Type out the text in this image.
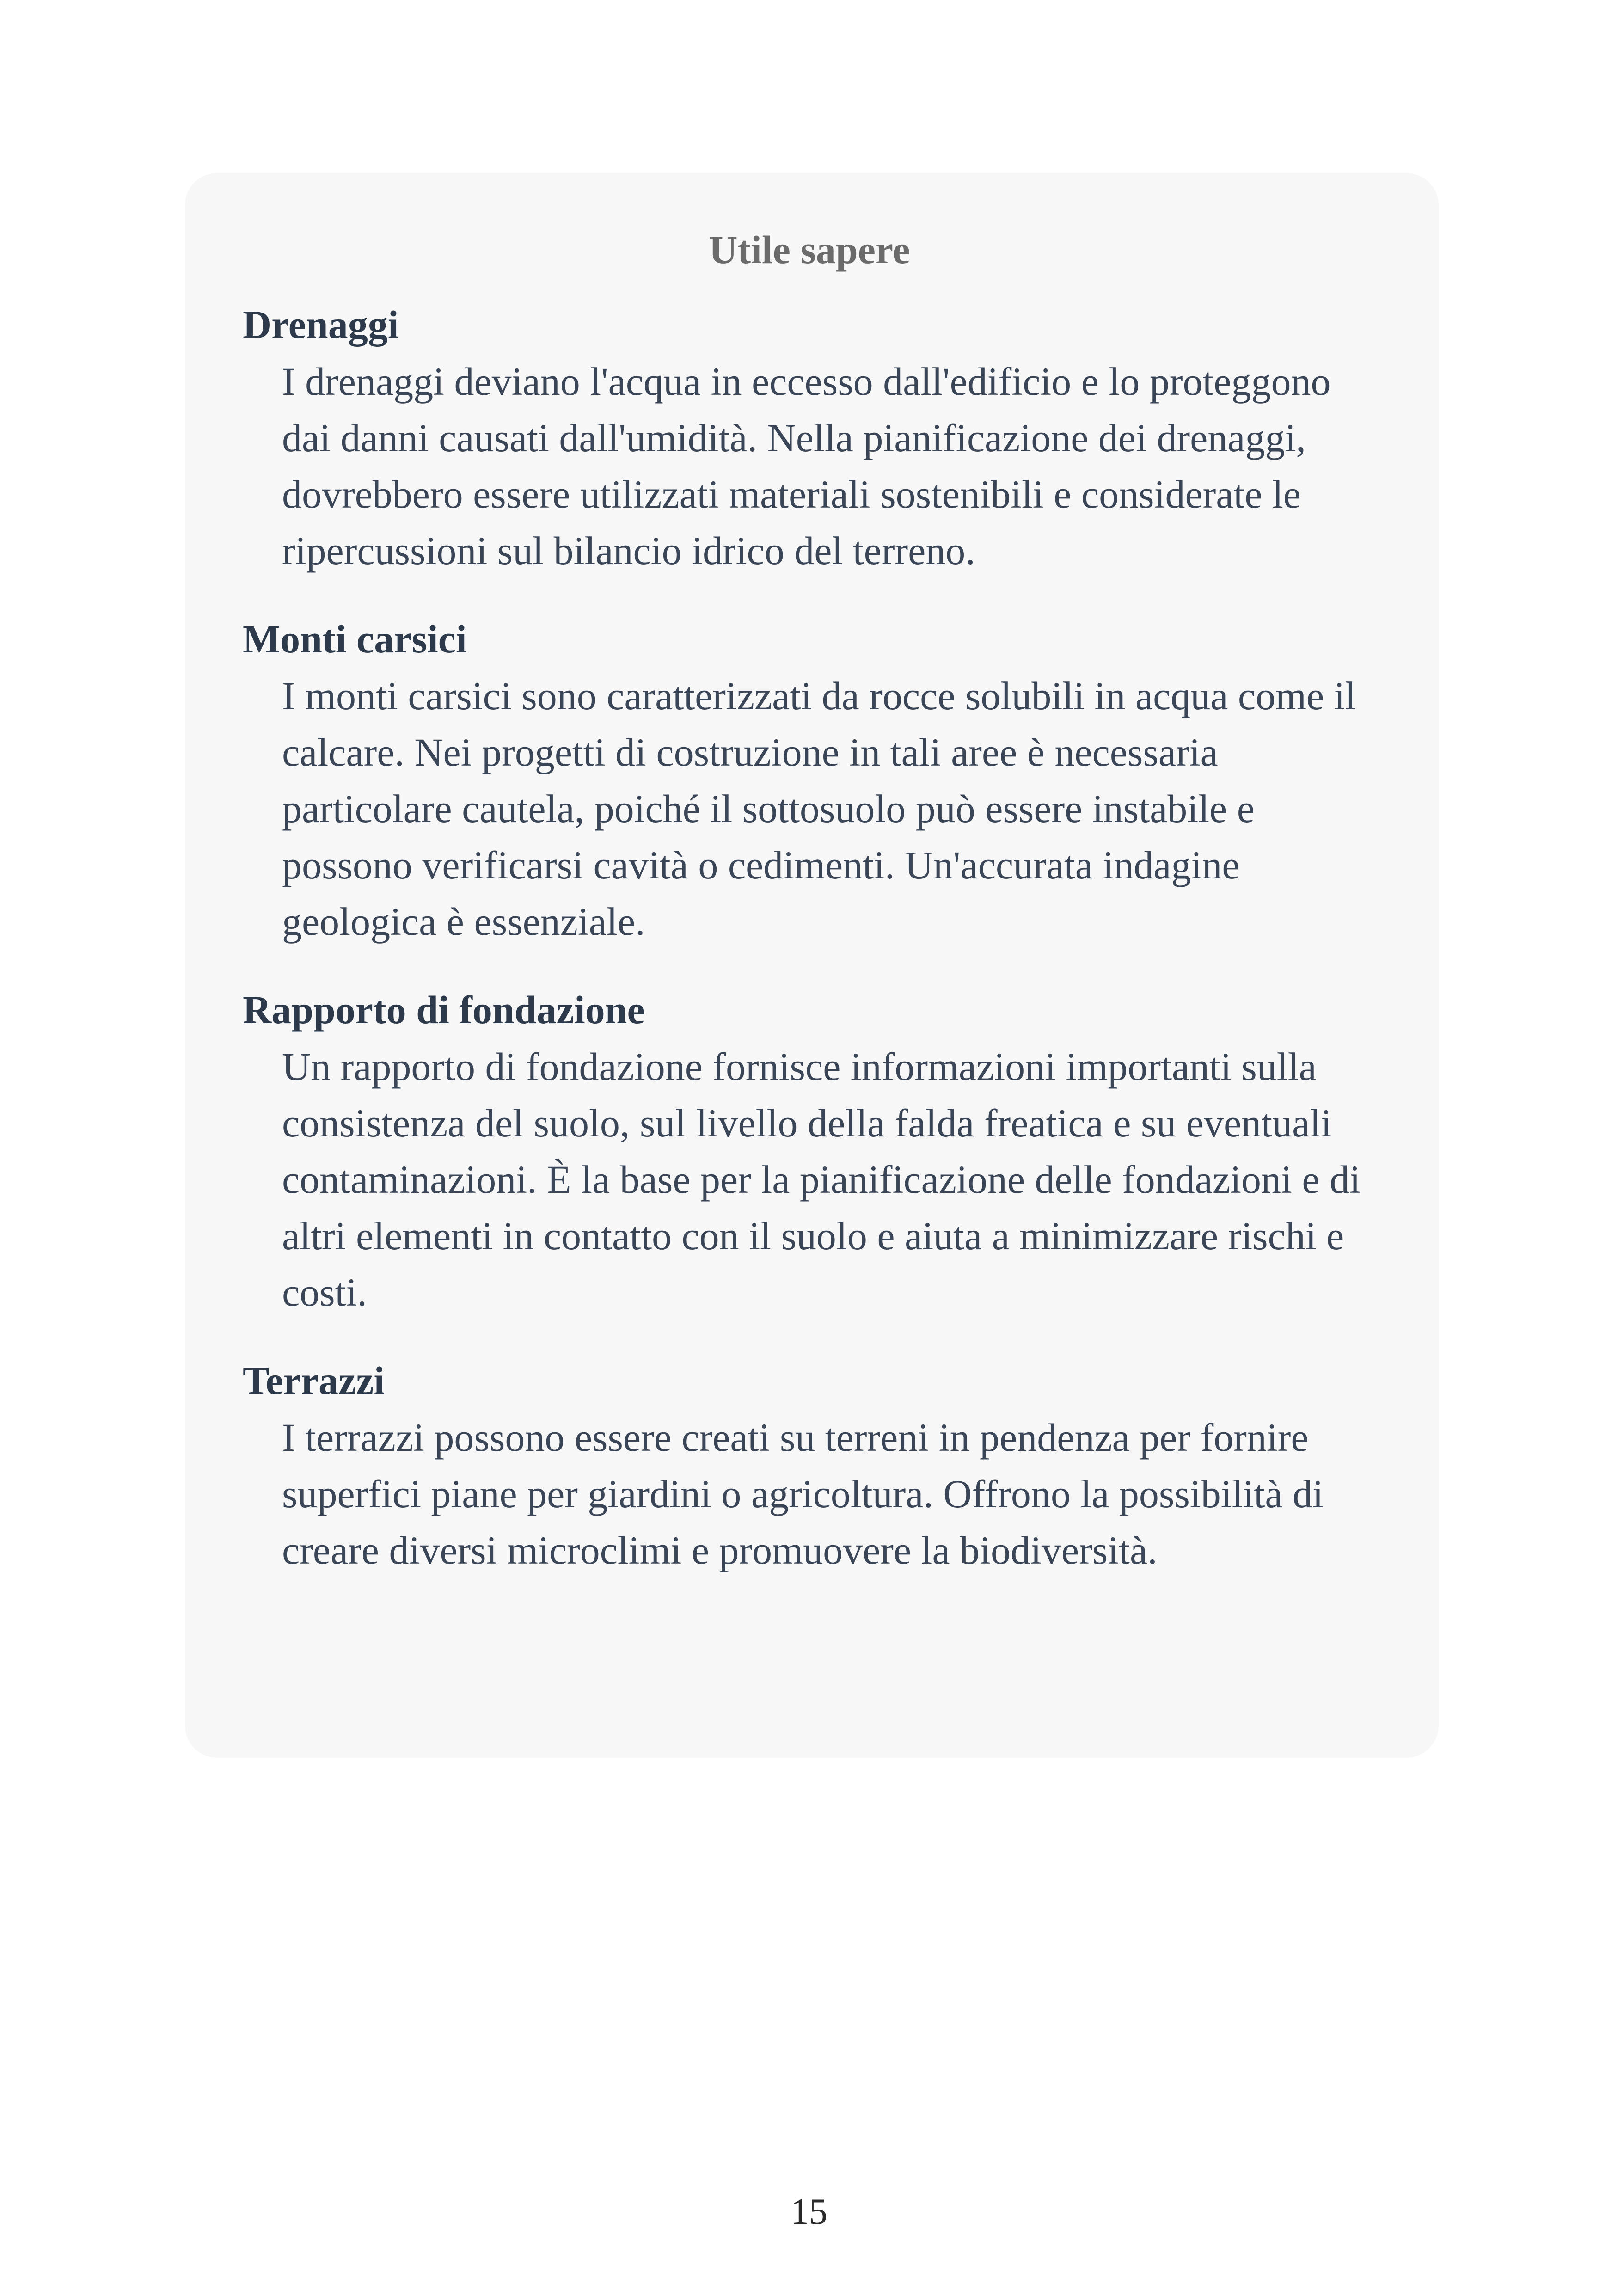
Utile sapere
Drenaggi

I drenaggi deviano l'acqua in eccesso dall'edificio e lo proteggono dai danni causati dall'umidità. Nella pianificazione dei drenaggi, dovrebbero essere utilizzati materiali sostenibili e considerate le ripercussioni sul bilancio idrico del terreno.

Monti carsici

I monti carsici sono caratterizzati da rocce solubili in acqua come il calcare. Nei progetti di costruzione in tali aree è necessaria particolare cautela, poiché il sottosuolo può essere instabile e possono verificarsi cavità o cedimenti. Un'accurata indagine geologica è essenziale.

Rapporto di fondazione

Un rapporto di fondazione fornisce informazioni importanti sulla consistenza del suolo, sul livello della falda freatica e su eventuali contaminazioni. È la base per la pianificazione delle fondazioni e di altri elementi in contatto con il suolo e aiuta a minimizzare rischi e costi.

Terrazzi

I terrazzi possono essere creati su terreni in pendenza per fornire superfici piane per giardini o agricoltura. Offrono la possibilità di creare diversi microclimi e promuovere la biodiversità.

15
